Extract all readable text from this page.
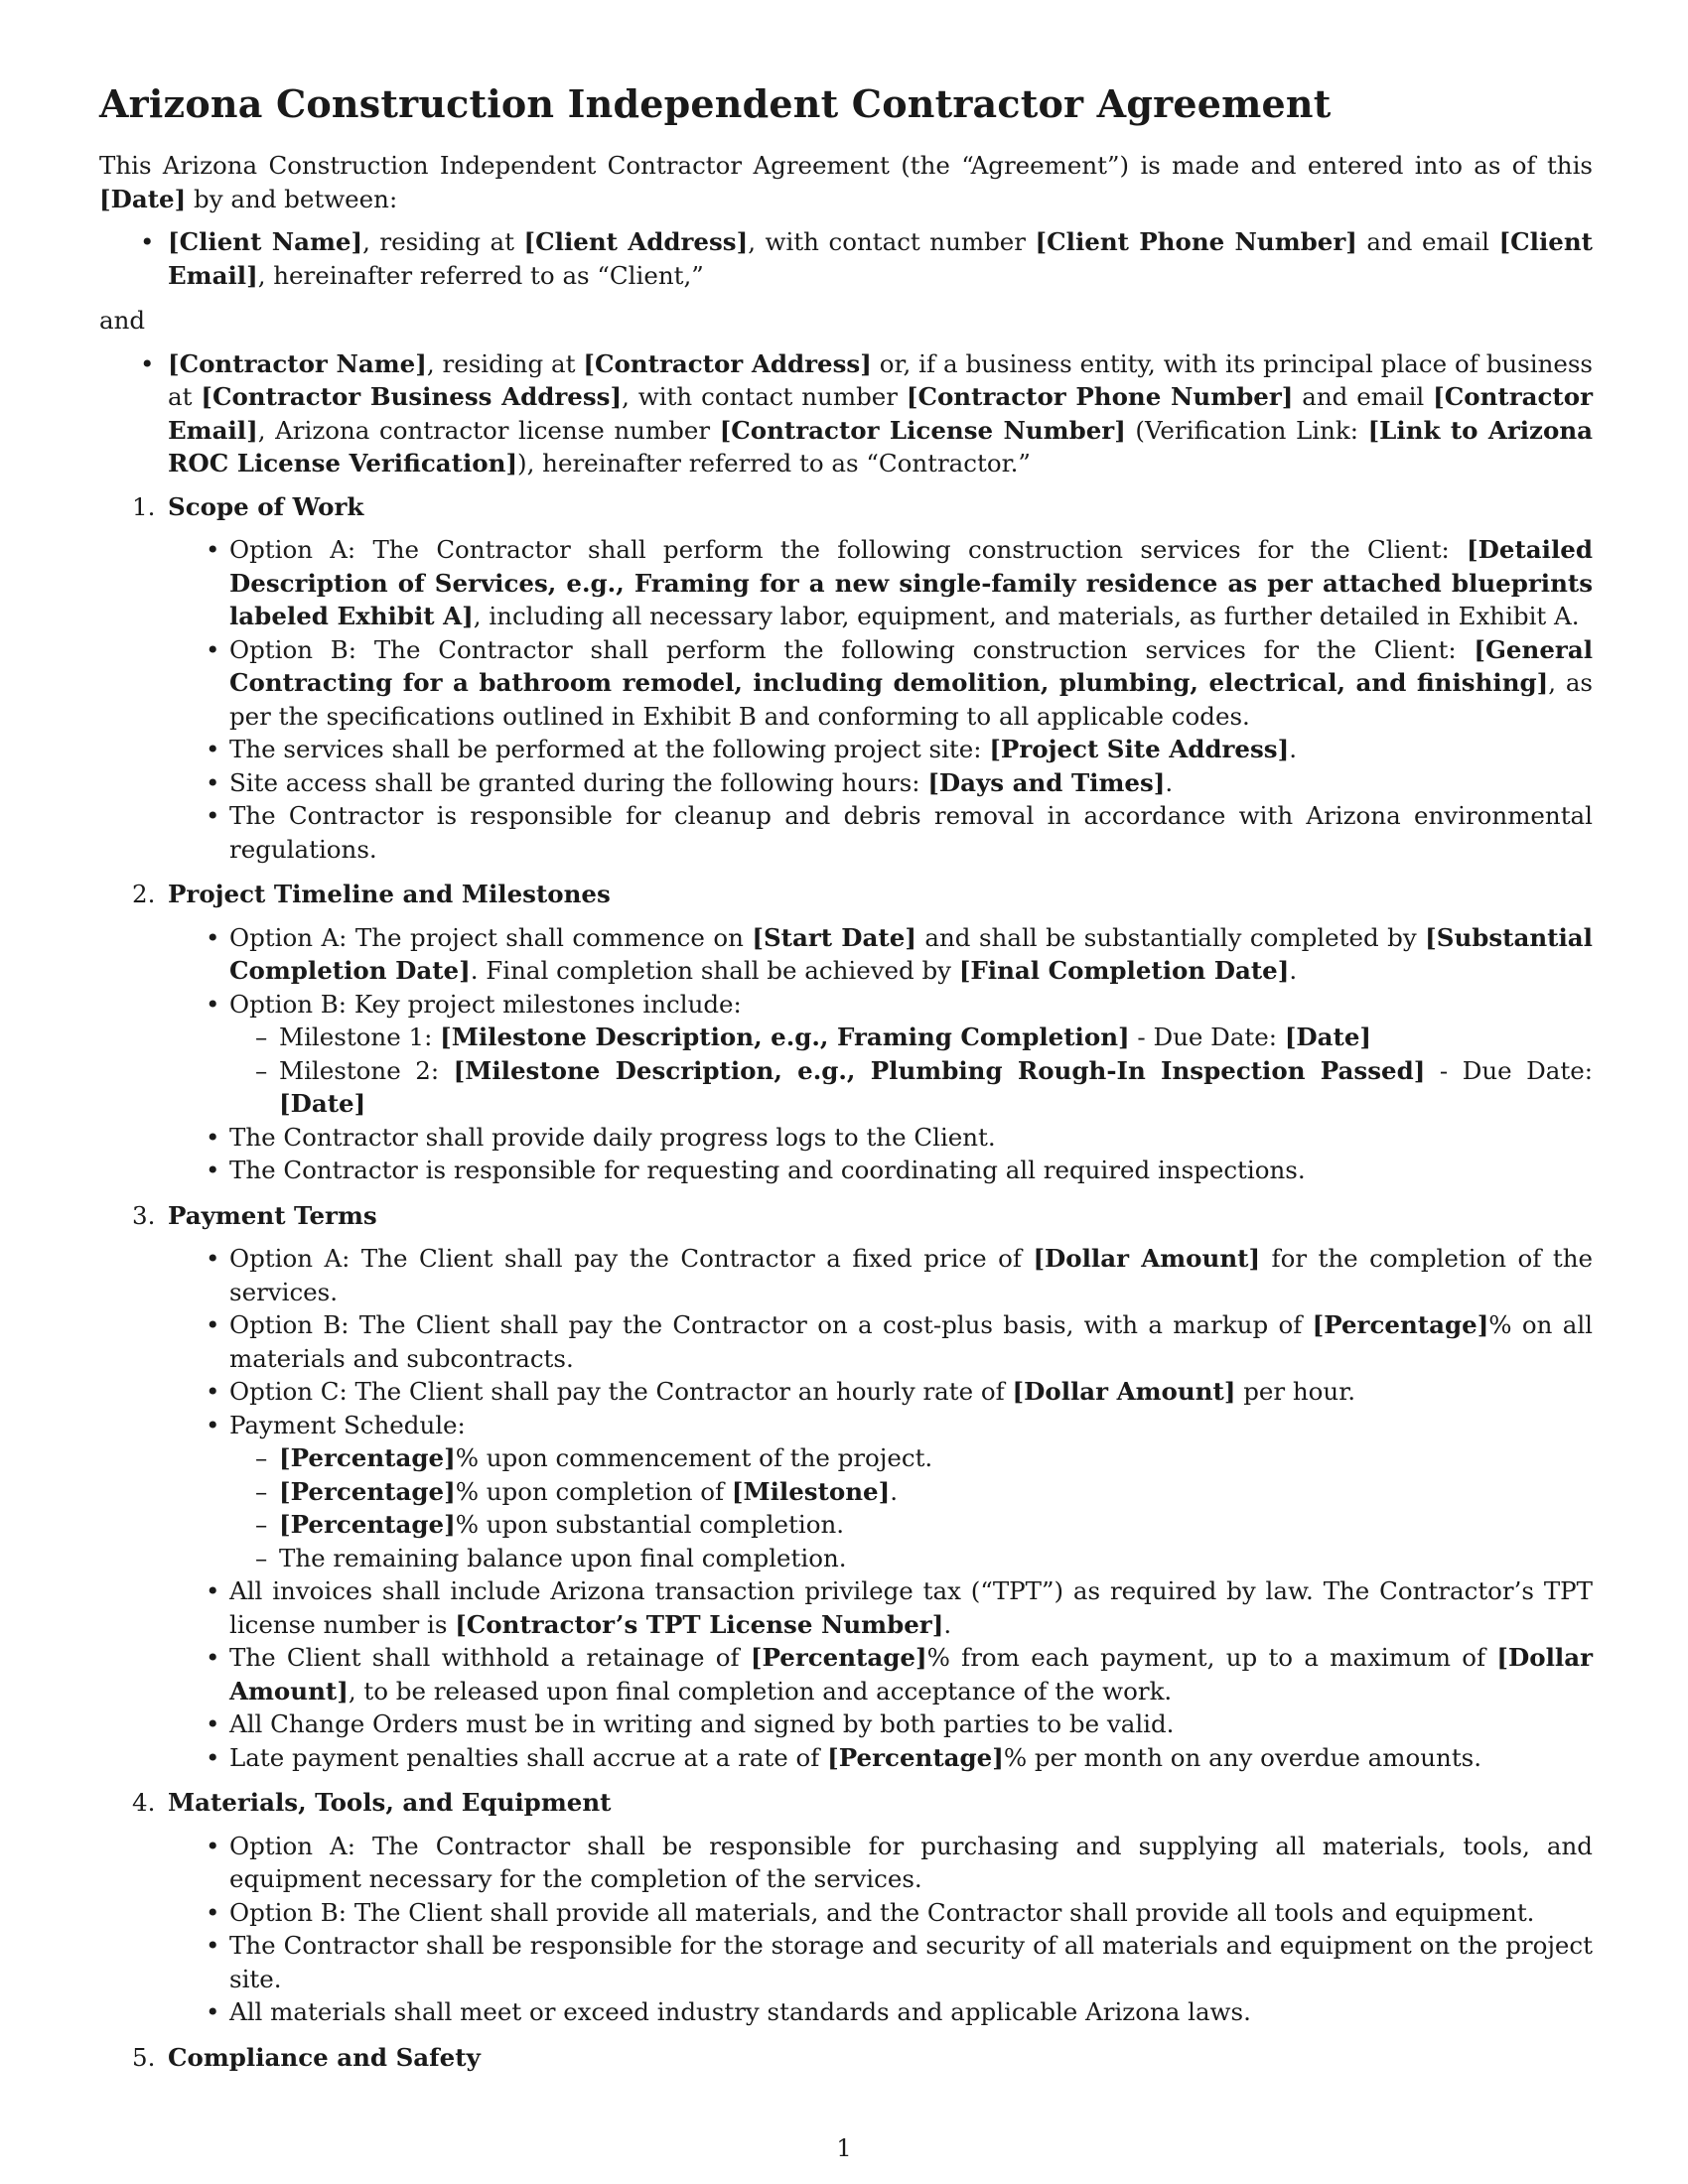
Arizona Construction Independent Contractor Agreement

This Arizona Construction Independent Contractor Agreement (the “Agreement”) is made and entered into as of this [Date] by and between:

• [Client Name], residing at [Client Address], with contact number [Client Phone Number] and email [Client Email], hereinafter referred to as “Client,”

and

• [Contractor Name], residing at [Contractor Address] or, if a business entity, with its principal place of business at [Contractor Business Address], with contact number [Contractor Phone Number] and email [Contractor Email], Arizona contractor license number [Contractor License Number] (Verification Link: [Link to Arizona ROC License Verification]), hereinafter referred to as “Contractor.”
1. Scope of Work
• Option A: The Contractor shall perform the following construction services for the Client: [Detailed Description of Services, e.g., Framing for a new single-family residence as per attached blueprints labeled Exhibit A], including all necessary labor, equipment, and materials, as further detailed in Exhibit A.
• Option B: The Contractor shall perform the following construction services for the Client: [General Contracting for a bathroom remodel, including demolition, plumbing, electrical, and finishing], as per the specifications outlined in Exhibit B and conforming to all applicable codes.
• The services shall be performed at the following project site: [Project Site Address].
• Site access shall be granted during the following hours: [Days and Times].
• The Contractor is responsible for cleanup and debris removal in accordance with Arizona environmental regulations.
2. Project Timeline and Milestones
• Option A: The project shall commence on [Start Date] and shall be substantially completed by [Substantial Completion Date]. Final completion shall be achieved by [Final Completion Date].
• Option B: Key project milestones include:
– Milestone 1: [Milestone Description, e.g., Framing Completion] - Due Date: [Date]
– Milestone 2: [Milestone Description, e.g., Plumbing Rough-In Inspection Passed] - Due Date: [Date]
• The Contractor shall provide daily progress logs to the Client.
• The Contractor is responsible for requesting and coordinating all required inspections.
3. Payment Terms
• Option A: The Client shall pay the Contractor a fixed price of [Dollar Amount] for the completion of the services.
• Option B: The Client shall pay the Contractor on a cost-plus basis, with a markup of [Percentage]% on all materials and subcontracts.
• Option C: The Client shall pay the Contractor an hourly rate of [Dollar Amount] per hour.
• Payment Schedule:
– [Percentage]% upon commencement of the project.
– [Percentage]% upon completion of [Milestone].
– [Percentage]% upon substantial completion.
– The remaining balance upon final completion.
• All invoices shall include Arizona transaction privilege tax (“TPT”) as required by law. The Contractor’s TPT license number is [Contractor’s TPT License Number].
• The Client shall withhold a retainage of [Percentage]% from each payment, up to a maximum of [Dollar Amount], to be released upon final completion and acceptance of the work.
• All Change Orders must be in writing and signed by both parties to be valid.
• Late payment penalties shall accrue at a rate of [Percentage]% per month on any overdue amounts.
4. Materials, Tools, and Equipment
• Option A: The Contractor shall be responsible for purchasing and supplying all materials, tools, and equipment necessary for the completion of the services.
• Option B: The Client shall provide all materials, and the Contractor shall provide all tools and equipment.
• The Contractor shall be responsible for the storage and security of all materials and equipment on the project site.
• All materials shall meet or exceed industry standards and applicable Arizona laws.
5. Compliance and Safety
1
